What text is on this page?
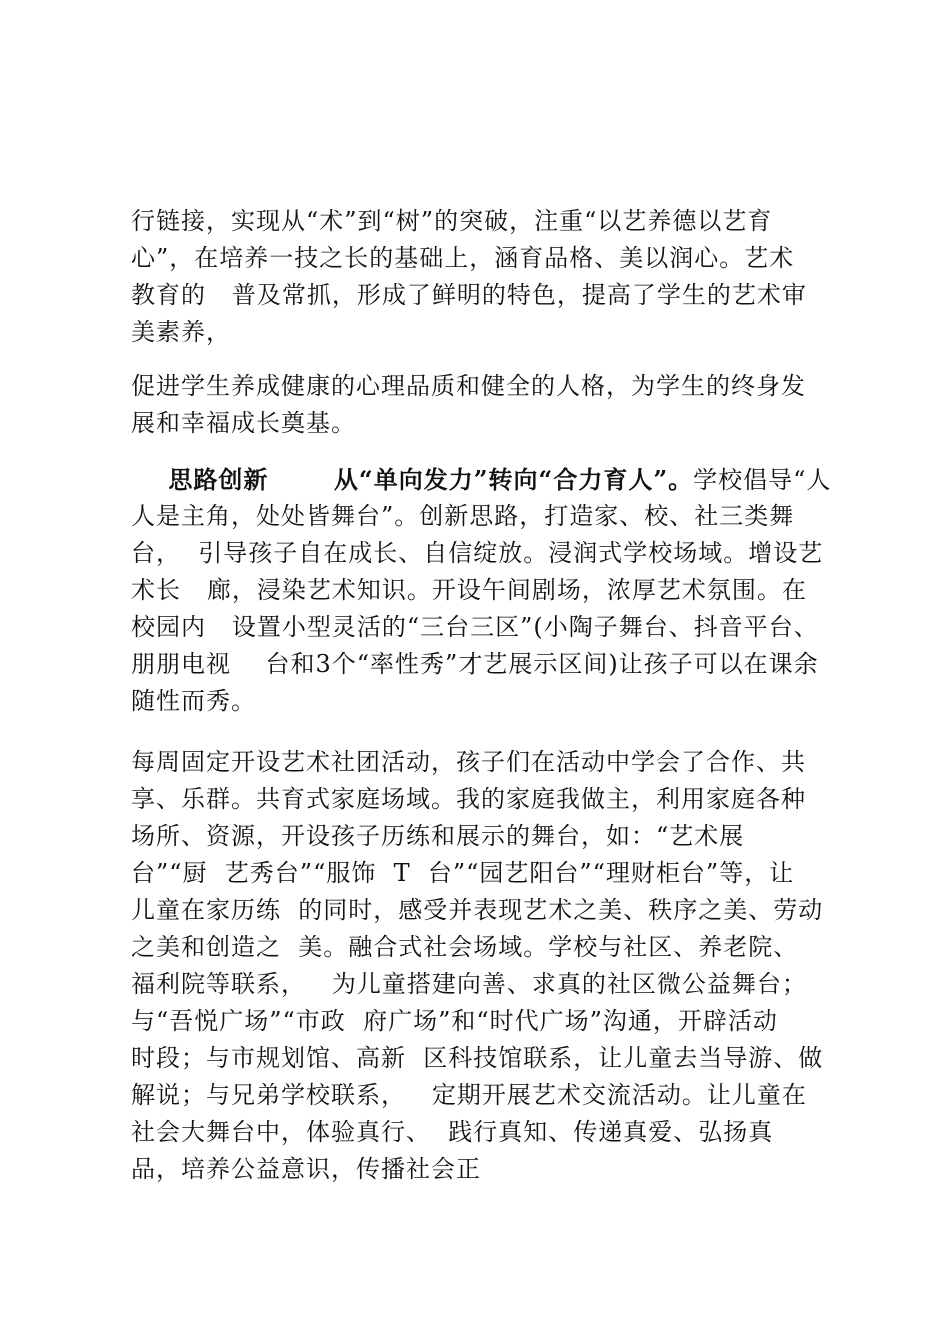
行链接，实现从“术”到“树”的突破，注重“以艺养德以艺育
心”，在培养一技之长的基础上，涵育品格、美以润心。艺术
教育的   普及常抓，形成了鲜明的特色，提高了学生的艺术审
美素养，
促进学生养成健康的心理品质和健全的人格，为学生的终身发
展和幸福成长奠基。
思路创新       从“单向发力”转向“合力育人”。学校倡导“人
人是主角，处处皆舞台”。创新思路，打造家、校、社三类舞
台，  引导孩子自在成长、自信绽放。浸润式学校场域。增设艺
术长   廊，浸染艺术知识。开设午间剧场，浓厚艺术氛围。在
校园内   设置小型灵活的“三台三区”(小陶子舞台、抖音平台、
朋朋电视    台和3个“率性秀”才艺展示区间)让孩子可以在课余
随性而秀。
每周固定开设艺术社团活动，孩子们在活动中学会了合作、共
享、乐群。共育式家庭场域。我的家庭我做主，利用家庭各种
场所、资源，开设孩子历练和展示的舞台，如：“艺术展
台”“厨  艺秀台”“服饰  T  台”“园艺阳台”“理财柜台”等，让
儿童在家历练  的同时，感受并表现艺术之美、秩序之美、劳动
之美和创造之  美。融合式社会场域。学校与社区、养老院、
福利院等联系，   为儿童搭建向善、求真的社区微公益舞台；
与“吾悦广场”“市政  府广场”和“时代广场”沟通，开辟活动
时段；与市规划馆、高新  区科技馆联系，让儿童去当导游、做
解说；与兄弟学校联系，   定期开展艺术交流活动。让儿童在
社会大舞台中，体验真行、  践行真知、传递真爱、弘扬真
品，培养公益意识，传播社会正
